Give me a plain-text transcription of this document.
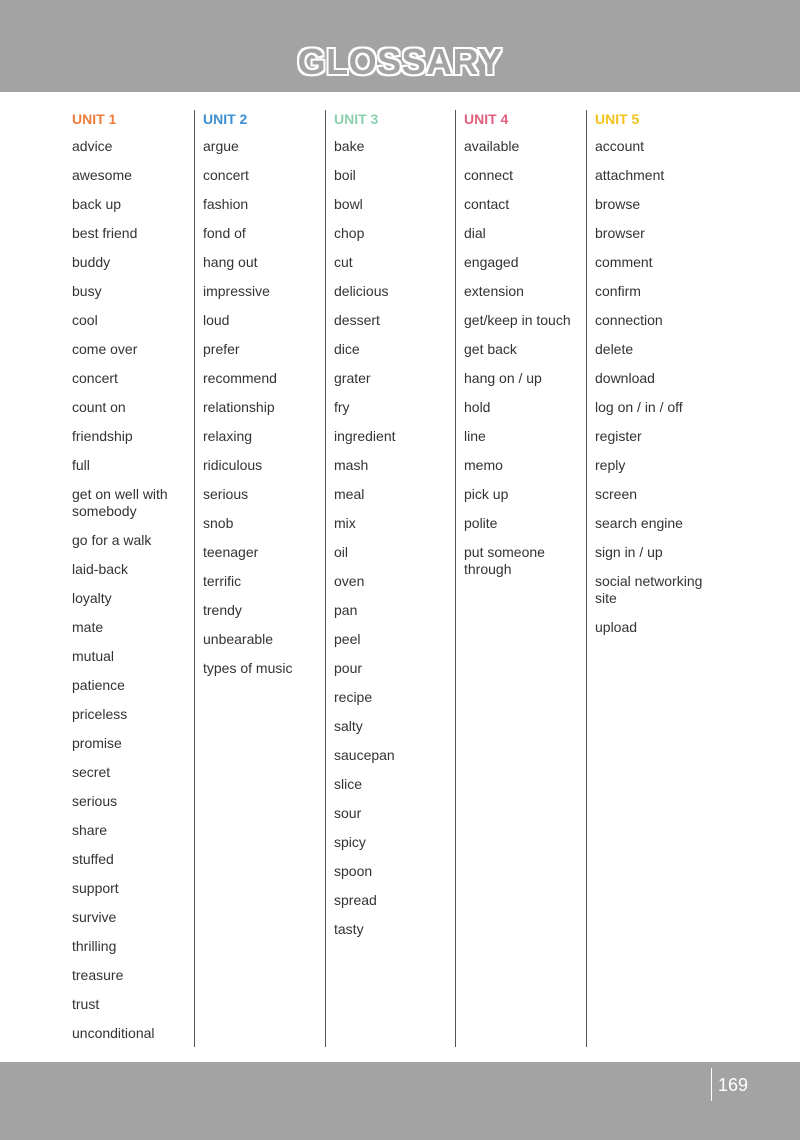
GLOSSARY
UNIT 1
advice
awesome
back up
best friend
buddy
busy
cool
come over
concert
count on
friendship
full
get on well with somebody
go for a walk
laid-back
loyalty
mate
mutual
patience
priceless
promise
secret
serious
share
stuffed
support
survive
thrilling
treasure
trust
unconditional
UNIT 2
argue
concert
fashion
fond of
hang out
impressive
loud
prefer
recommend
relationship
relaxing
ridiculous
serious
snob
teenager
terrific
trendy
unbearable
types of music
UNIT 3
bake
boil
bowl
chop
cut
delicious
dessert
dice
grater
fry
ingredient
mash
meal
mix
oil
oven
pan
peel
pour
recipe
salty
saucepan
slice
sour
spicy
spoon
spread
tasty
UNIT 4
available
connect
contact
dial
engaged
extension
get/keep in touch
get back
hang on / up
hold
line
memo
pick up
polite
put someone through
UNIT 5
account
attachment
browse
browser
comment
confirm
connection
delete
download
log on / in / off
register
reply
screen
search engine
sign in / up
social networking site
upload
169
